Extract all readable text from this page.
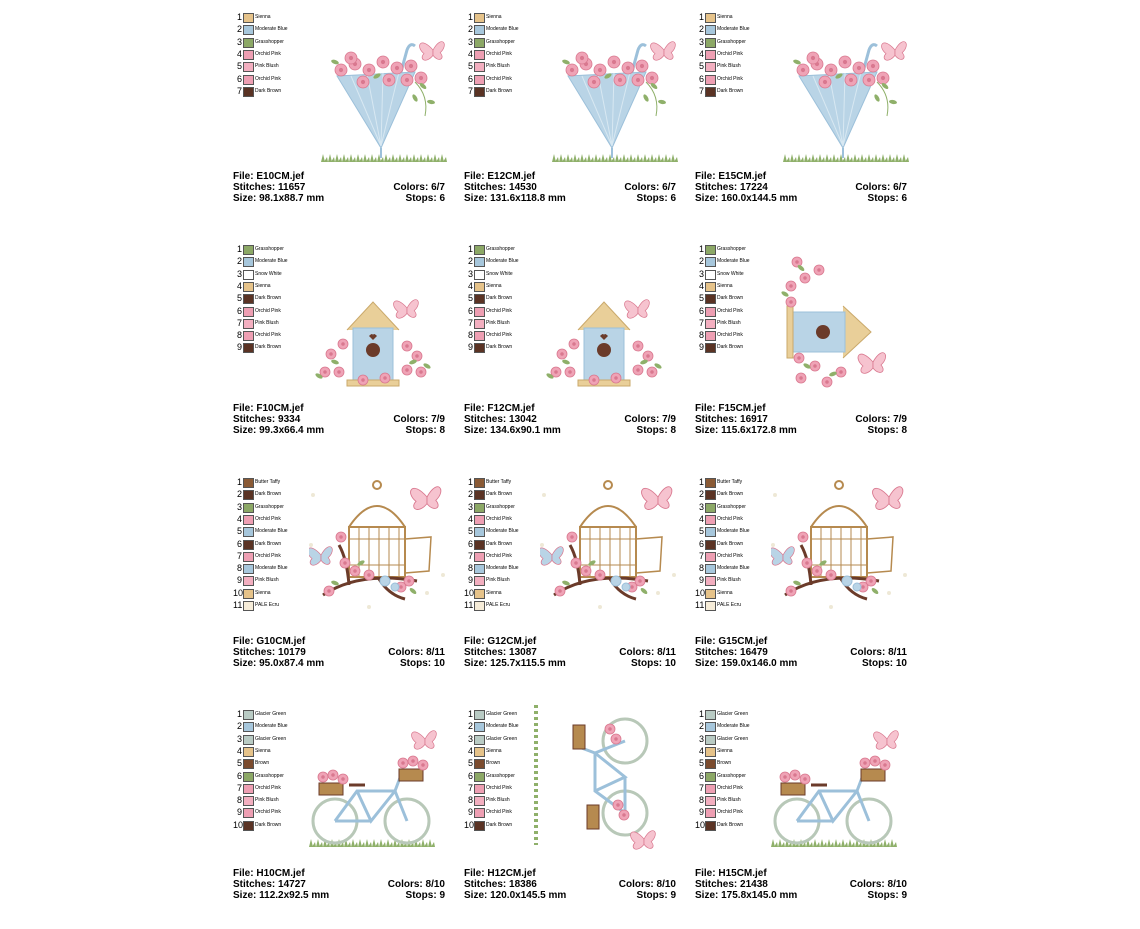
1	Sienna
2	Moderate Blue
3	Grasshopper
4	Orchid Pink
5	Pink Blush
6	Orchid Pink
7	Dark Brown
File: E10CM.jef
Stitches: 11657	Colors: 6/7
Size: 98.1x88.7 mm	Stops: 6
1	Sienna
2	Moderate Blue
3	Grasshopper
4	Orchid Pink
5	Pink Blush
6	Orchid Pink
7	Dark Brown
File: E12CM.jef
Stitches: 14530	Colors: 6/7
Size: 131.6x118.8 mm	Stops: 6
1	Sienna
2	Moderate Blue
3	Grasshopper
4	Orchid Pink
5	Pink Blush
6	Orchid Pink
7	Dark Brown
File: E15CM.jef
Stitches: 17224	Colors: 6/7
Size: 160.0x144.5 mm	Stops: 6
1	Grasshopper
2	Moderate Blue
3	Snow White
4	Sienna
5	Dark Brown
6	Orchid Pink
7	Pink Blush
8	Orchid Pink
9	Dark Brown
File: F10CM.jef
Stitches: 9334	Colors: 7/9
Size: 99.3x66.4 mm	Stops: 8
1	Grasshopper
2	Moderate Blue
3	Snow White
4	Sienna
5	Dark Brown
6	Orchid Pink
7	Pink Blush
8	Orchid Pink
9	Dark Brown
File: F12CM.jef
Stitches: 13042	Colors: 7/9
Size: 134.6x90.1 mm	Stops: 8
1	Grasshopper
2	Moderate Blue
3	Snow White
4	Sienna
5	Dark Brown
6	Orchid Pink
7	Pink Blush
8	Orchid Pink
9	Dark Brown
File: F15CM.jef
Stitches: 16917	Colors: 7/9
Size: 115.6x172.8 mm	Stops: 8
1	Butter Taffy
2	Dark Brown
3	Grasshopper
4	Orchid Pink
5	Moderate Blue
6	Dark Brown
7	Orchid Pink
8	Moderate Blue
9	Pink Blush
10 Sienna
11	PALE Ecru
File: G10CM.jef
Stitches: 10179	Colors: 8/11
Size: 95.0x87.4 mm	Stops: 10
1	Butter Taffy
2	Dark Brown
3	Grasshopper
4	Orchid Pink
5	Moderate Blue
6	Dark Brown
7	Orchid Pink
8	Moderate Blue
9	Pink Blush
10 Sienna
11	PALE Ecru
File: G12CM.jef
Stitches: 13087	Colors: 8/11
Size: 125.7x115.5 mm	Stops: 10
1	Butter Taffy
2	Dark Brown
3	Grasshopper
4	Orchid Pink
5	Moderate Blue
6	Dark Brown
7	Orchid Pink
8	Moderate Blue
9	Pink Blush
10 Sienna
11	PALE Ecru
File: G15CM.jef
Stitches: 16479	Colors: 8/11
Size: 159.0x146.0 mm	Stops: 10
1	Glacier Green
2	Moderate Blue
3	Glacier Green
4	Sienna
5	Brown
6	Grasshopper
7	Orchid Pink
8	Pink Blush
9	Orchid Pink
10 Dark Brown
File: H10CM.jef
Stitches: 14727	Colors: 8/10
Size: 112.2x92.5 mm	Stops: 9
1	Glacier Green
2	Moderate Blue
3	Glacier Green
4	Sienna
5	Brown
6	Grasshopper
7	Orchid Pink
8	Pink Blush
9	Orchid Pink
10 Dark Brown
File: H12CM.jef
Stitches: 18386	Colors: 8/10
Size: 120.0x145.5 mm	Stops: 9
1	Glacier Green
2	Moderate Blue
3	Glacier Green
4	Sienna
5	Brown
6	Grasshopper
7	Orchid Pink
8	Pink Blush
9	Orchid Pink
10 Dark Brown
File: H15CM.jef
Stitches: 21438	Colors: 8/10
Size: 175.8x145.0 mm	Stops: 9
